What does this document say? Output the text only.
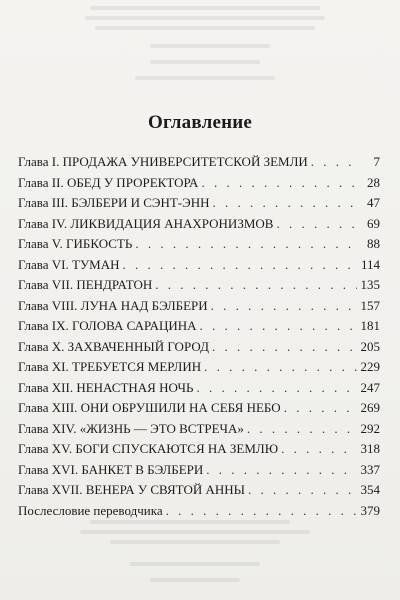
Оглавление
Глава I. ПРОДАЖА УНИВЕРСИТЕТСКОЙ ЗЕМЛИ . . .	7
Глава II. ОБЕД У ПРОРЕКТОРА . . .	28
Глава III. БЭЛБЕРИ И СЭНТ-ЭНН . . .	47
Глава IV. ЛИКВИДАЦИЯ АНАХРОНИЗМОВ . . .	69
Глава V. ГИБКОСТЬ . . .	88
Глава VI. ТУМАН . . .	114
Глава VII. ПЕНДРАТОН . . .	135
Глава VIII. ЛУНА НАД БЭЛБЕРИ . . .	157
Глава IX. ГОЛОВА САРАЦИНА . . .	181
Глава X. ЗАХВАЧЕННЫЙ ГОРОД . . .	205
Глава XI. ТРЕБУЕТСЯ МЕРЛИН . . .	229
Глава XII. НЕНАСТНАЯ НОЧЬ . . .	247
Глава XIII. ОНИ ОБРУШИЛИ НА СЕБЯ НЕБО . . .	269
Глава XIV. «ЖИЗНЬ — ЭТО ВСТРЕЧА» . . .	292
Глава XV. БОГИ СПУСКАЮТСЯ НА ЗЕМЛЮ . . .	318
Глава XVI. БАНКЕТ В БЭЛБЕРИ . . .	337
Глава XVII. ВЕНЕРА У СВЯТОЙ АННЫ . . .	354
Послесловие переводчика . . .	379
